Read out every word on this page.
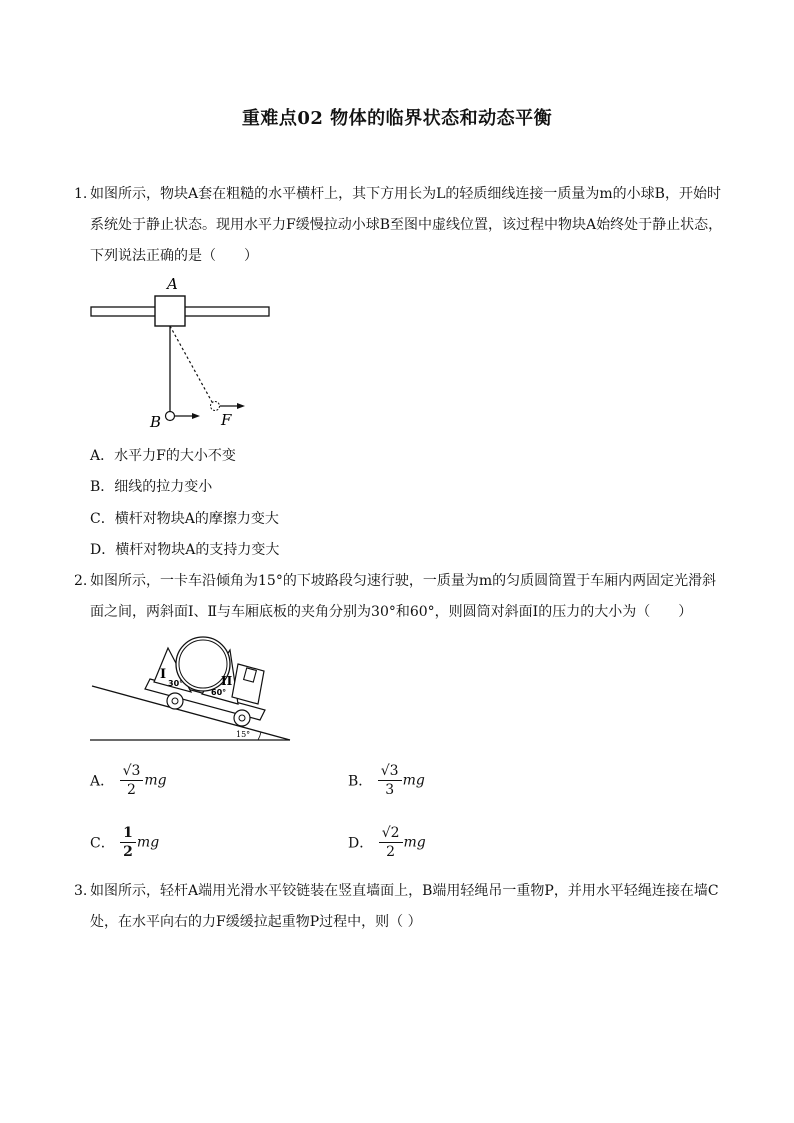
重难点02 物体的临界状态和动态平衡
1. 如图所示，物块A套在粗糙的水平横杆上，其下方用长为L的轻质细线连接一质量为m的小球B，开始时系统处于静止状态。现用水平力F缓慢拉动小球B至图中虚线位置，该过程中物块A始终处于静止状态，下列说法正确的是（　　）
A
B	F
A．水平力F的大小不变
B．细线的拉力变小
C．横杆对物块A的摩擦力变大
D．横杆对物块A的支持力变大
2. 如图所示，一卡车沿倾角为15°的下坡路段匀速行驶，一质量为m的匀质圆筒置于车厢内两固定光滑斜面之间，两斜面Ⅰ、Ⅱ与车厢底板的夹角分别为30°和60°，则圆筒对斜面Ⅰ的压力的大小为（　　）
15°
I	II
30°
60°
A． $\frac{√3}{2}$ mg	B． $\frac{√3}{3}$ mg
C． $\frac{1}{2}$ mg	D． $\frac{√2}{2}$ mg
3. 如图所示，轻杆A端用光滑水平铰链装在竖直墙面上，B端用轻绳吊一重物P，并用水平轻绳连接在墙C处，在水平向右的力F缓缓拉起重物P过程中，则（ ）
